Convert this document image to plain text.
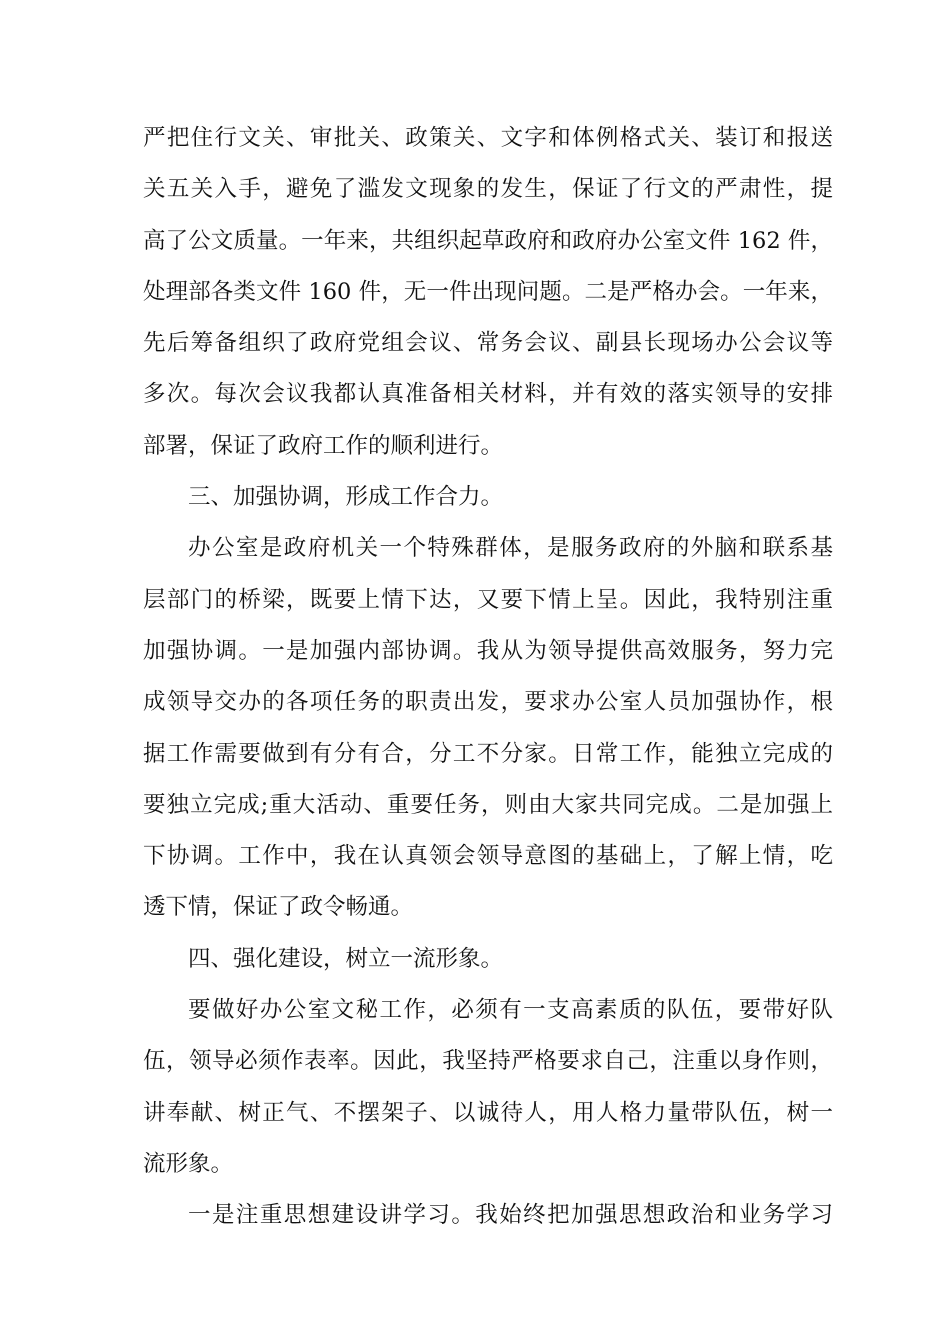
严把住行文关、审批关、政策关、文字和体例格式关、装订和报送
关五关入手，避免了滥发文现象的发生，保证了行文的严肃性，提
高了公文质量。一年来，共组织起草政府和政府办公室文件 162 件，
处理部各类文件 160 件，无一件出现问题。二是严格办会。一年来，
先后筹备组织了政府党组会议、常务会议、副县长现场办公会议等
多次。每次会议我都认真准备相关材料，并有效的落实领导的安排
部署，保证了政府工作的顺利进行。
三、加强协调，形成工作合力。
办公室是政府机关一个特殊群体，是服务政府的外脑和联系基
层部门的桥梁，既要上情下达，又要下情上呈。因此，我特别注重
加强协调。一是加强内部协调。我从为领导提供高效服务，努力完
成领导交办的各项任务的职责出发，要求办公室人员加强协作，根
据工作需要做到有分有合，分工不分家。日常工作，能独立完成的
要独立完成;重大活动、重要任务，则由大家共同完成。二是加强上
下协调。工作中，我在认真领会领导意图的基础上，了解上情，吃
透下情，保证了政令畅通。
四、强化建设，树立一流形象。
要做好办公室文秘工作，必须有一支高素质的队伍，要带好队
伍，领导必须作表率。因此，我坚持严格要求自己，注重以身作则，
讲奉献、树正气、不摆架子、以诚待人，用人格力量带队伍，树一
流形象。
一是注重思想建设讲学习。我始终把加强思想政治和业务学习
